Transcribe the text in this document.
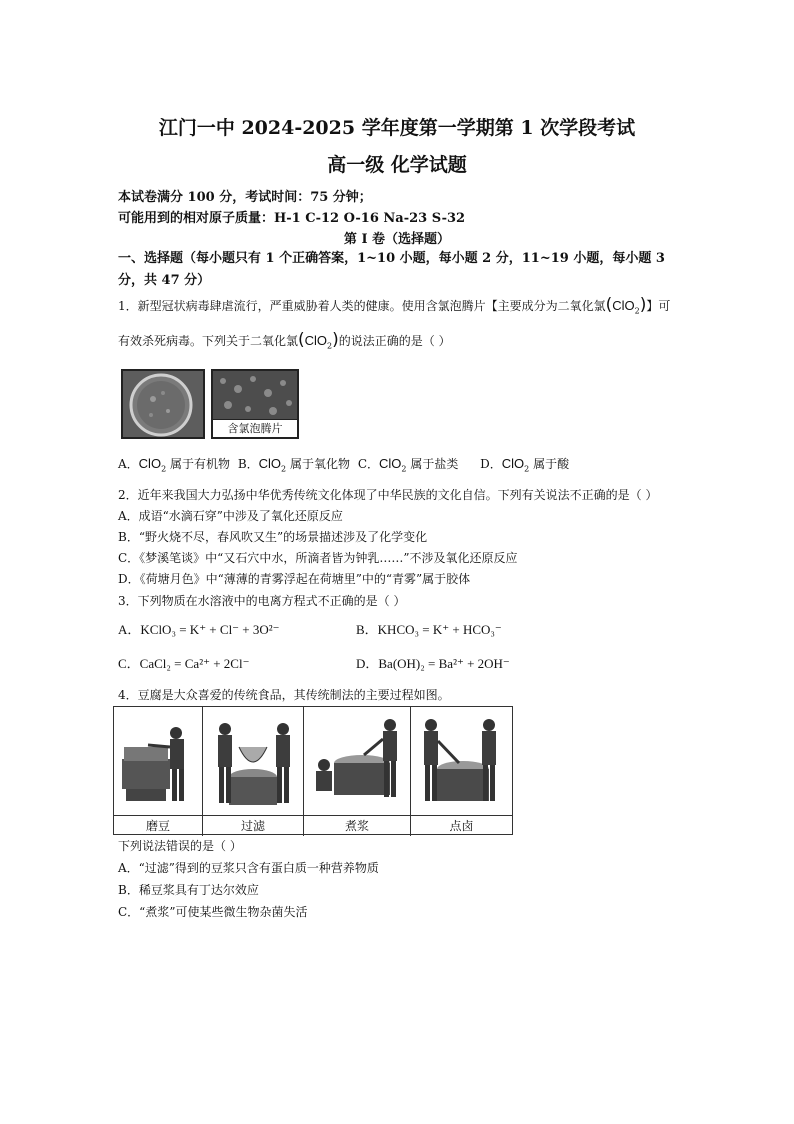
江门一中 2024-2025 学年度第一学期第 1 次学段考试
高一级 化学试题
本试卷满分 100 分，考试时间：75 分钟；
可能用到的相对原子质量：H-1 C-12 O-16 Na-23 S-32
第 I 卷（选择题）
一、选择题（每小题只有 1 个正确答案，1~10 小题，每小题 2 分，11~19 小题，每小题 3 分，共 47 分）
1．新型冠状病毒肆虐流行，严重威胁着人类的健康。使用含氯泡腾片【主要成分为二氧化氯(ClO$_2$)】可
有效杀死病毒。下列关于二氧化氯(ClO$_2$)的说法正确的是（ ）
含氯泡腾片
A．ClO$_2$ 属于有机物 B．ClO$_2$ 属于氧化物 C．ClO$_2$ 属于盐类 D．ClO$_2$ 属于酸
2．近年来我国大力弘扬中华优秀传统文化体现了中华民族的文化自信。下列有关说法不正确的是（ ）
A．成语“水滴石穿”中涉及了氧化还原反应
B．“野火烧不尽，春风吹又生”的场景描述涉及了化学变化
C．《梦溪笔谈》中“又石穴中水，所滴者皆为钟乳……”不涉及氧化还原反应
D．《荷塘月色》中“薄薄的青雾浮起在荷塘里”中的“青雾”属于胶体
3．下列物质在水溶液中的电离方程式不正确的是（ ）
A．KClO₃ = K⁺ + Cl⁻ + 3O²⁻	B．KHCO₃ = K⁺ + HCO₃⁻
C．CaCl₂ = Ca²⁺ + 2Cl⁻	D．Ba(OH)₂ = Ba²⁺ + 2OH⁻
4．豆腐是大众喜爱的传统食品，其传统制法的主要过程如图。
磨豆	过滤	煮浆	点卤
下列说法错误的是（ ）
A．“过滤”得到的豆浆只含有蛋白质一种营养物质
B．稀豆浆具有丁达尔效应
C．“煮浆”可使某些微生物杂菌失活
